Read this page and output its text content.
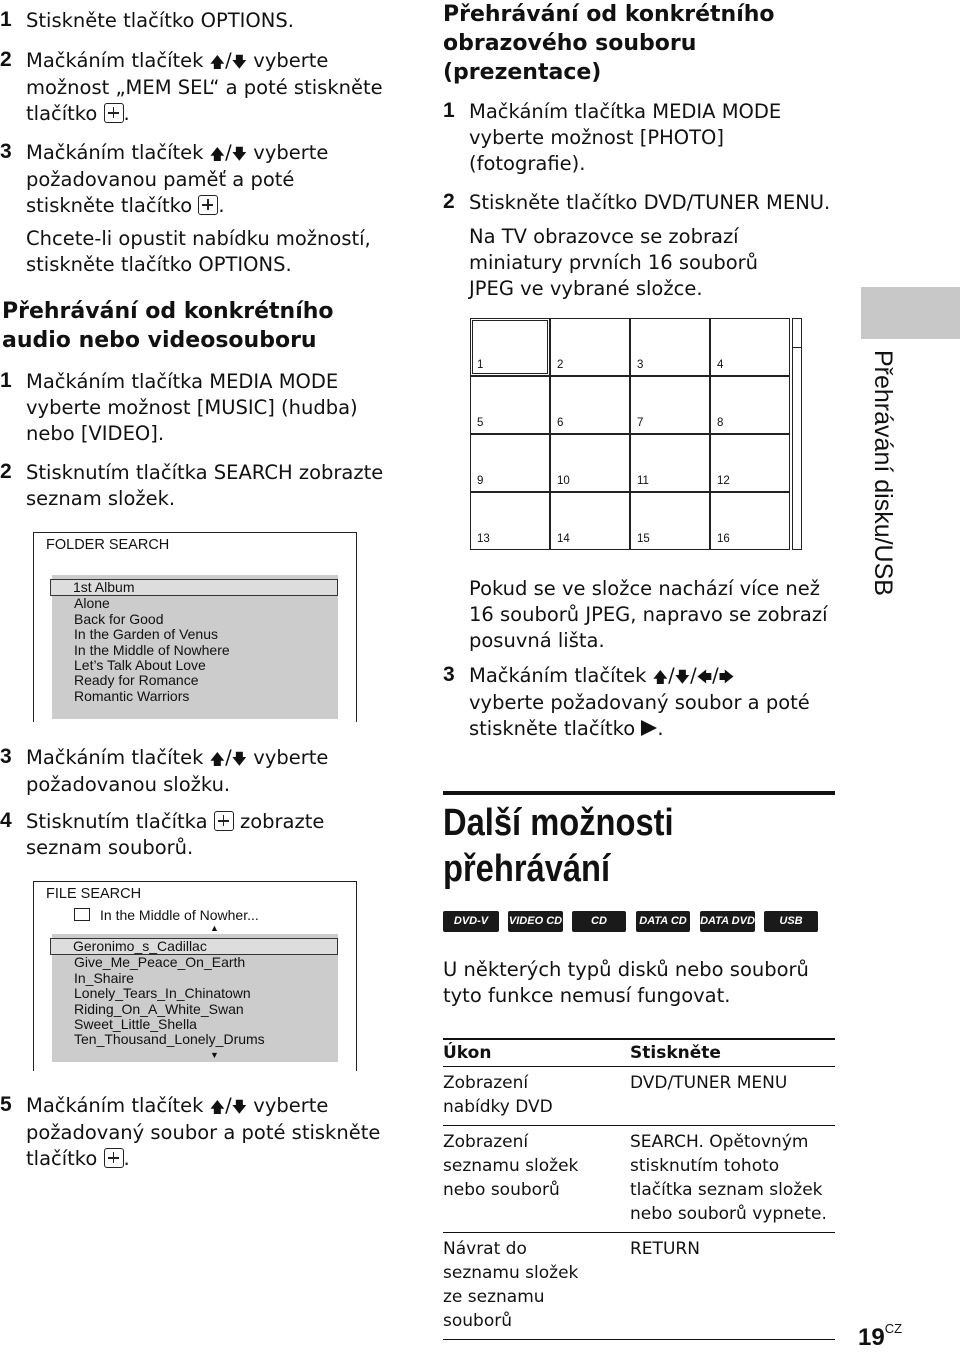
1 Stiskněte tlačítko OPTIONS.
2 Mačkáním tlačítek 🡅/🡇 vyberte
možnost „MEM SEL“ a poté stiskněte
tlačítko .
3 Mačkáním tlačítek 🡅/🡇 vyberte
požadovanou paměť a poté
stiskněte tlačítko .
Chcete-li opustit nabídku možností, stiskněte tlačítko OPTIONS.
Přehrávání od konkrétního audio nebo videosouboru
1 Mačkáním tlačítka MEDIA MODE vyberte možnost [MUSIC] (hudba) nebo [VIDEO].
2 Stisknutím tlačítka SEARCH zobrazte seznam složek.
FOLDER SEARCH
1st Album
Alone
Back for Good
In the Garden of Venus
In the Middle of Nowhere
Let’s Talk About Love
Ready for Romance
Romantic Warriors
3 Mačkáním tlačítek 🡅/🡇 vyberte
požadovanou složku.
4 Stisknutím tlačítka zobrazte
seznam souborů.
FILE SEARCH
In the Middle of Nowher...
▲
Geronimo_s_Cadillac
Give_Me_Peace_On_Earth
In_Shaire
Lonely_Tears_In_Chinatown
Riding_On_A_White_Swan
Sweet_Little_Shella
Ten_Thousand_Lonely_Drums
▼
5 Mačkáním tlačítek 🡅/🡇 vyberte
požadovaný soubor a poté stiskněte
tlačítko .
Přehrávání od konkrétního obrazového souboru (prezentace)
1 Mačkáním tlačítka MEDIA MODE vyberte možnost [PHOTO] (fotografie).
2 Stiskněte tlačítko DVD/TUNER MENU.
Na TV obrazovce se zobrazí miniatury prvních 16 souborů JPEG ve vybrané složce.
1	2	3	4
5	6	7	8
9	10	11	12
13	14	15	16
Pokud se ve složce nachází více než 16 souborů JPEG, napravo se zobrazí posuvná lišta.
3 Mačkáním tlačítek 🡅/🡇/🡄/🡆
vyberte požadovaný soubor a poté
stiskněte tlačítko .
Další možnosti přehrávání
DVD-V	VIDEO CD	CD	DATA CD DATA DVD	USB
U některých typů disků nebo souborů tyto funkce nemusí fungovat.
Úkon	Stiskněte
Zobrazení nabídky DVD	DVD/TUNER MENU
Zobrazení seznamu složek nebo souborů	SEARCH. Opětovným stisknutím tohoto tlačítka seznam složek nebo souborů vypnete.
Návrat do seznamu složek ze seznamu souborů	RETURN
Přehrávání disku/USB
$19^{CZ}$
